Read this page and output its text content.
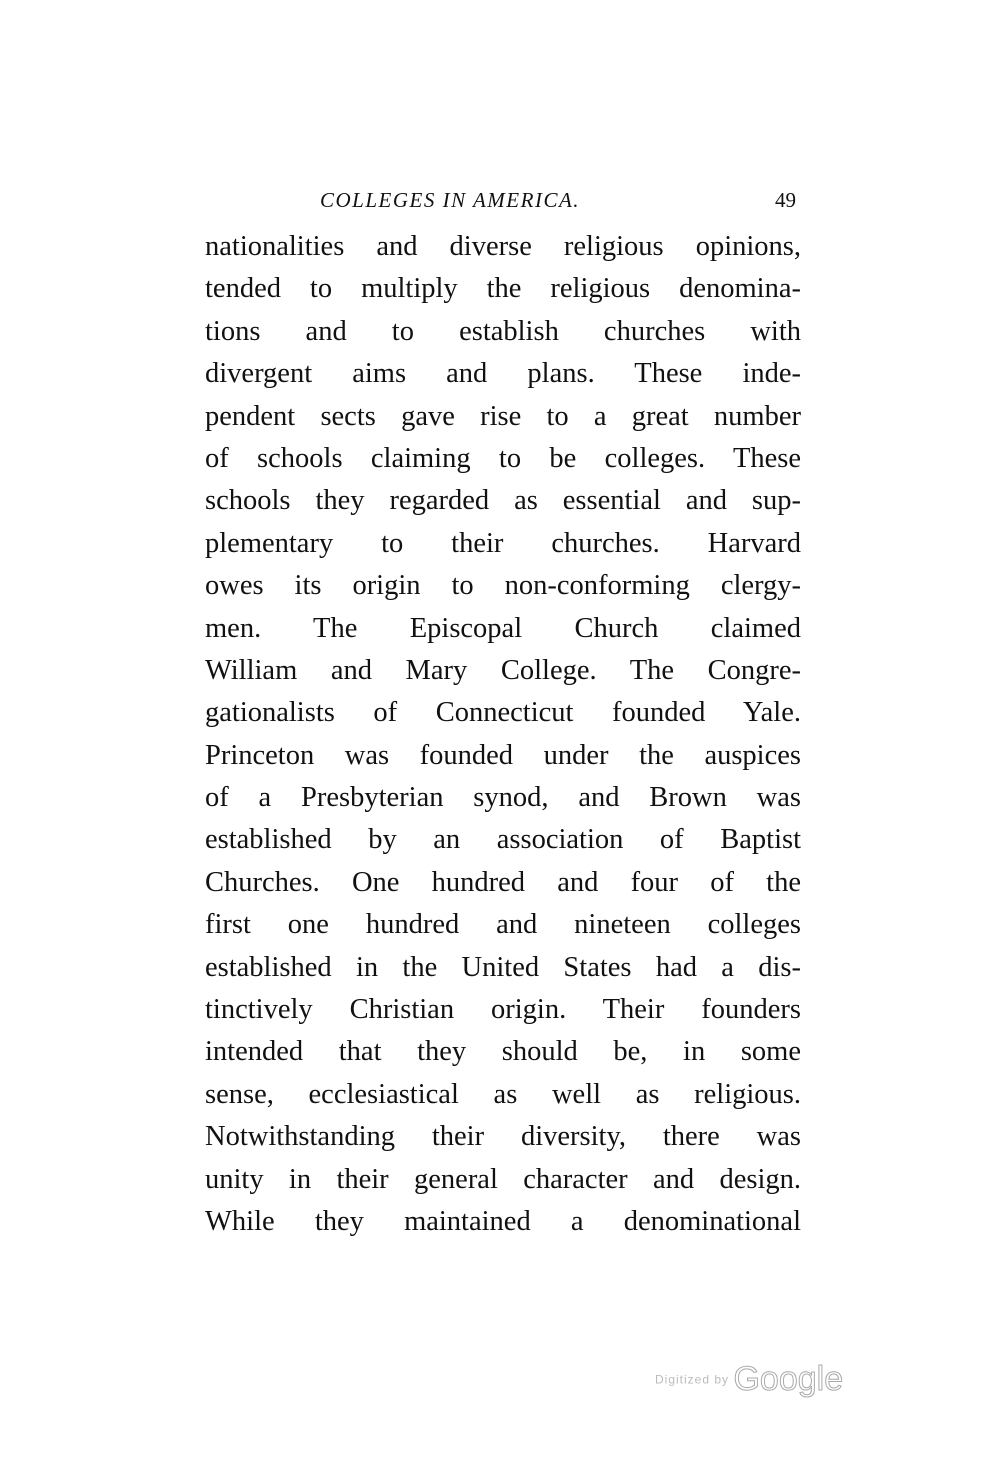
COLLEGES IN AMERICA.	49
nationalities and diverse religious opinions,
tended to multiply the religious denomina-
tions and to establish churches with
divergent aims and plans. These inde-
pendent sects gave rise to a great number
of schools claiming to be colleges. These
schools they regarded as essential and sup-
plementary to their churches. Harvard
owes its origin to non-conforming clergy-
men. The Episcopal Church claimed
William and Mary College. The Congre-
gationalists of Connecticut founded Yale.
Princeton was founded under the auspices
of a Presbyterian synod, and Brown was
established by an association of Baptist
Churches. One hundred and four of the
first one hundred and nineteen colleges
established in the United States had a dis-
tinctively Christian origin. Their founders
intended that they should be, in some
sense, ecclesiastical as well as religious.
Notwithstanding their diversity, there was
unity in their general character and design.
While they maintained a denominational
Digitized by Google
